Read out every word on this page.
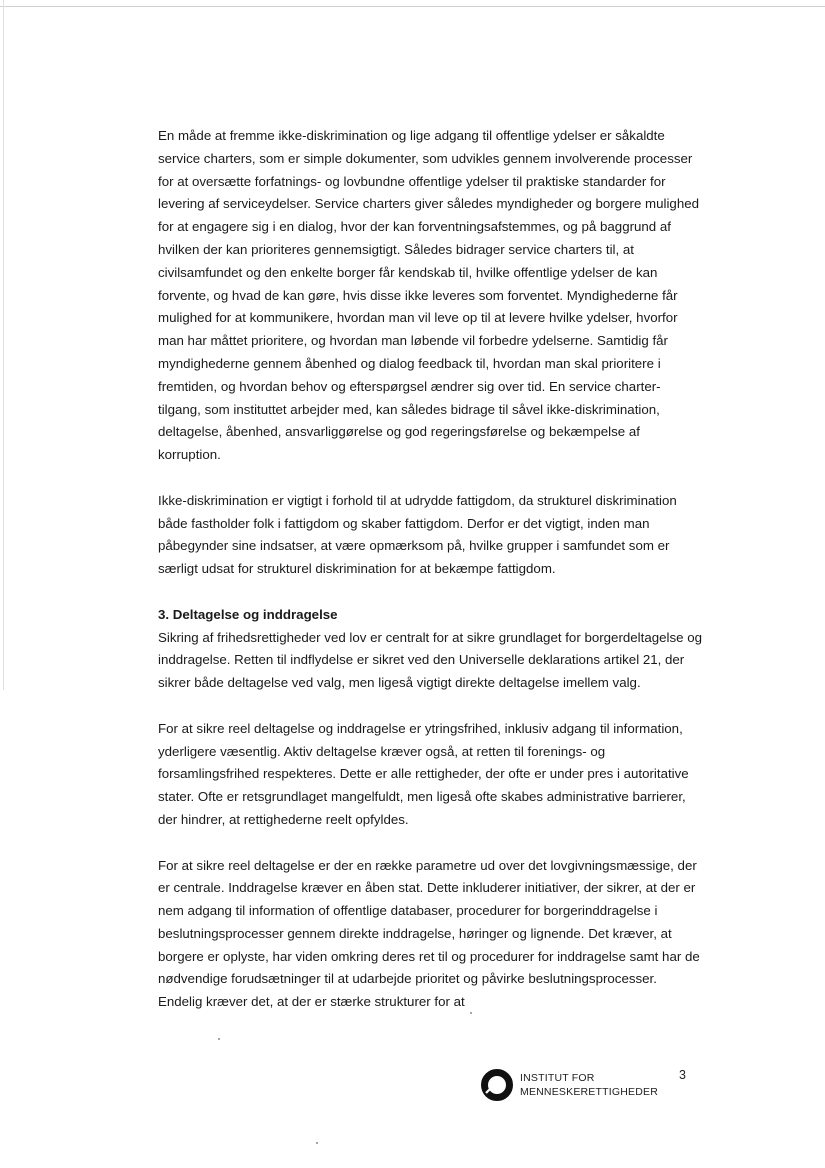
En måde at fremme ikke-diskrimination og lige adgang til offentlige ydelser er såkaldte service charters, som er simple dokumenter, som udvikles gennem involverende processer for at oversætte forfatnings- og lovbundne offentlige ydelser til praktiske standarder for levering af serviceydelser. Service charters giver således myndigheder og borgere mulighed for at engagere sig i en dialog, hvor der kan forventningsafstemmes, og på baggrund af hvilken der kan prioriteres gennemsigtigt. Således bidrager service charters til, at civilsamfundet og den enkelte borger får kendskab til, hvilke offentlige ydelser de kan forvente, og hvad de kan gøre, hvis disse ikke leveres som forventet. Myndighederne får mulighed for at kommunikere, hvordan man vil leve op til at levere hvilke ydelser, hvorfor man har måttet prioritere, og hvordan man løbende vil forbedre ydelserne. Samtidig får myndighederne gennem åbenhed og dialog feedback til, hvordan man skal prioritere i fremtiden, og hvordan behov og efterspørgsel ændrer sig over tid. En service charter-tilgang, som instituttet arbejder med, kan således bidrage til såvel ikke-diskrimination, deltagelse, åbenhed, ansvarliggørelse og god regeringsførelse og bekæmpelse af korruption.

Ikke-diskrimination er vigtigt i forhold til at udrydde fattigdom, da strukturel diskrimination både fastholder folk i fattigdom og skaber fattigdom. Derfor er det vigtigt, inden man påbegynder sine indsatser, at være opmærksom på, hvilke grupper i samfundet som er særligt udsat for strukturel diskrimination for at bekæmpe fattigdom.

3. Deltagelse og inddragelse

Sikring af frihedsrettigheder ved lov er centralt for at sikre grundlaget for borgerdeltagelse og inddragelse. Retten til indflydelse er sikret ved den Universelle deklarations artikel 21, der sikrer både deltagelse ved valg, men ligeså vigtigt direkte deltagelse imellem valg.

For at sikre reel deltagelse og inddragelse er ytringsfrihed, inklusiv adgang til information, yderligere væsentlig. Aktiv deltagelse kræver også, at retten til forenings- og forsamlingsfrihed respekteres. Dette er alle rettigheder, der ofte er under pres i autoritative stater. Ofte er retsgrundlaget mangelfuldt, men ligeså ofte skabes administrative barrierer, der hindrer, at rettighederne reelt opfyldes.

For at sikre reel deltagelse er der en række parametre ud over det lovgivningsmæssige, der er centrale. Inddragelse kræver en åben stat. Dette inkluderer initiativer, der sikrer, at der er nem adgang til information of offentlige databaser, procedurer for borgerinddragelse i beslutningsprocesser gennem direkte inddragelse, høringer og lignende. Det kræver, at borgere er oplyste, har viden omkring deres ret til og procedurer for inddragelse samt har de nødvendige forudsætninger til at udarbejde prioritet og påvirke beslutningsprocesser. Endelig kræver det, at der er stærke strukturer for at

INSTITUT FOR
MENNESKERETTIGHEDER
3
